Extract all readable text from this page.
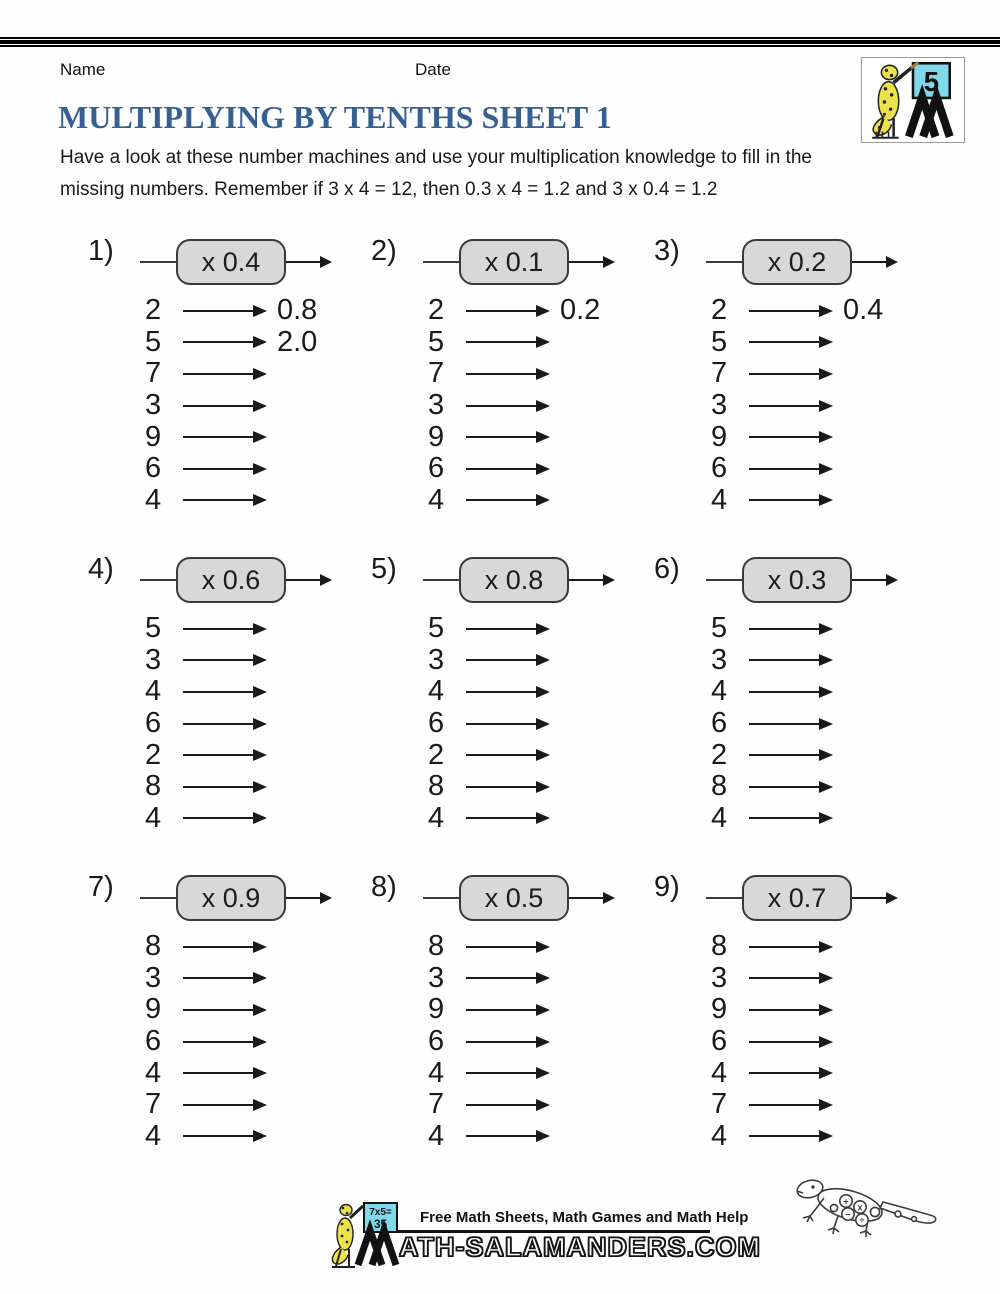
Name	Date	5
MULTIPLYING BY TENTHS SHEET 1

Have a look at these number machines and use your multiplication knowledge to fill in the

missing numbers. Remember if 3 x 4 = 12, then 0.3 x 4 = 1.2 and 3 x 0.4 = 1.2

1)	x 0.4
2	0.8
5	2.0
7
3
9
6
4
2)	x 0.1
2	0.2
5
7
3
9
6
4
3)	x 0.2
2	0.4
5
7
3
9
6
4
4)	x 0.6
5
3
4
6
2
8
4
5)	x 0.8
5
3
4
6
2
8
4
6)	x 0.3
5
3
4
6
2
8
4
7)	x 0.9
8
3
9
6
4
7
4
8)	x 0.5
8
3
9
6
4
7
4
9)	x 0.7
8
3
9
6
4
7
4
7x5=
35 Free Math Sheets, Math Games and Math Help
ATH-SALAMANDERS.COM
+
x
−
÷
